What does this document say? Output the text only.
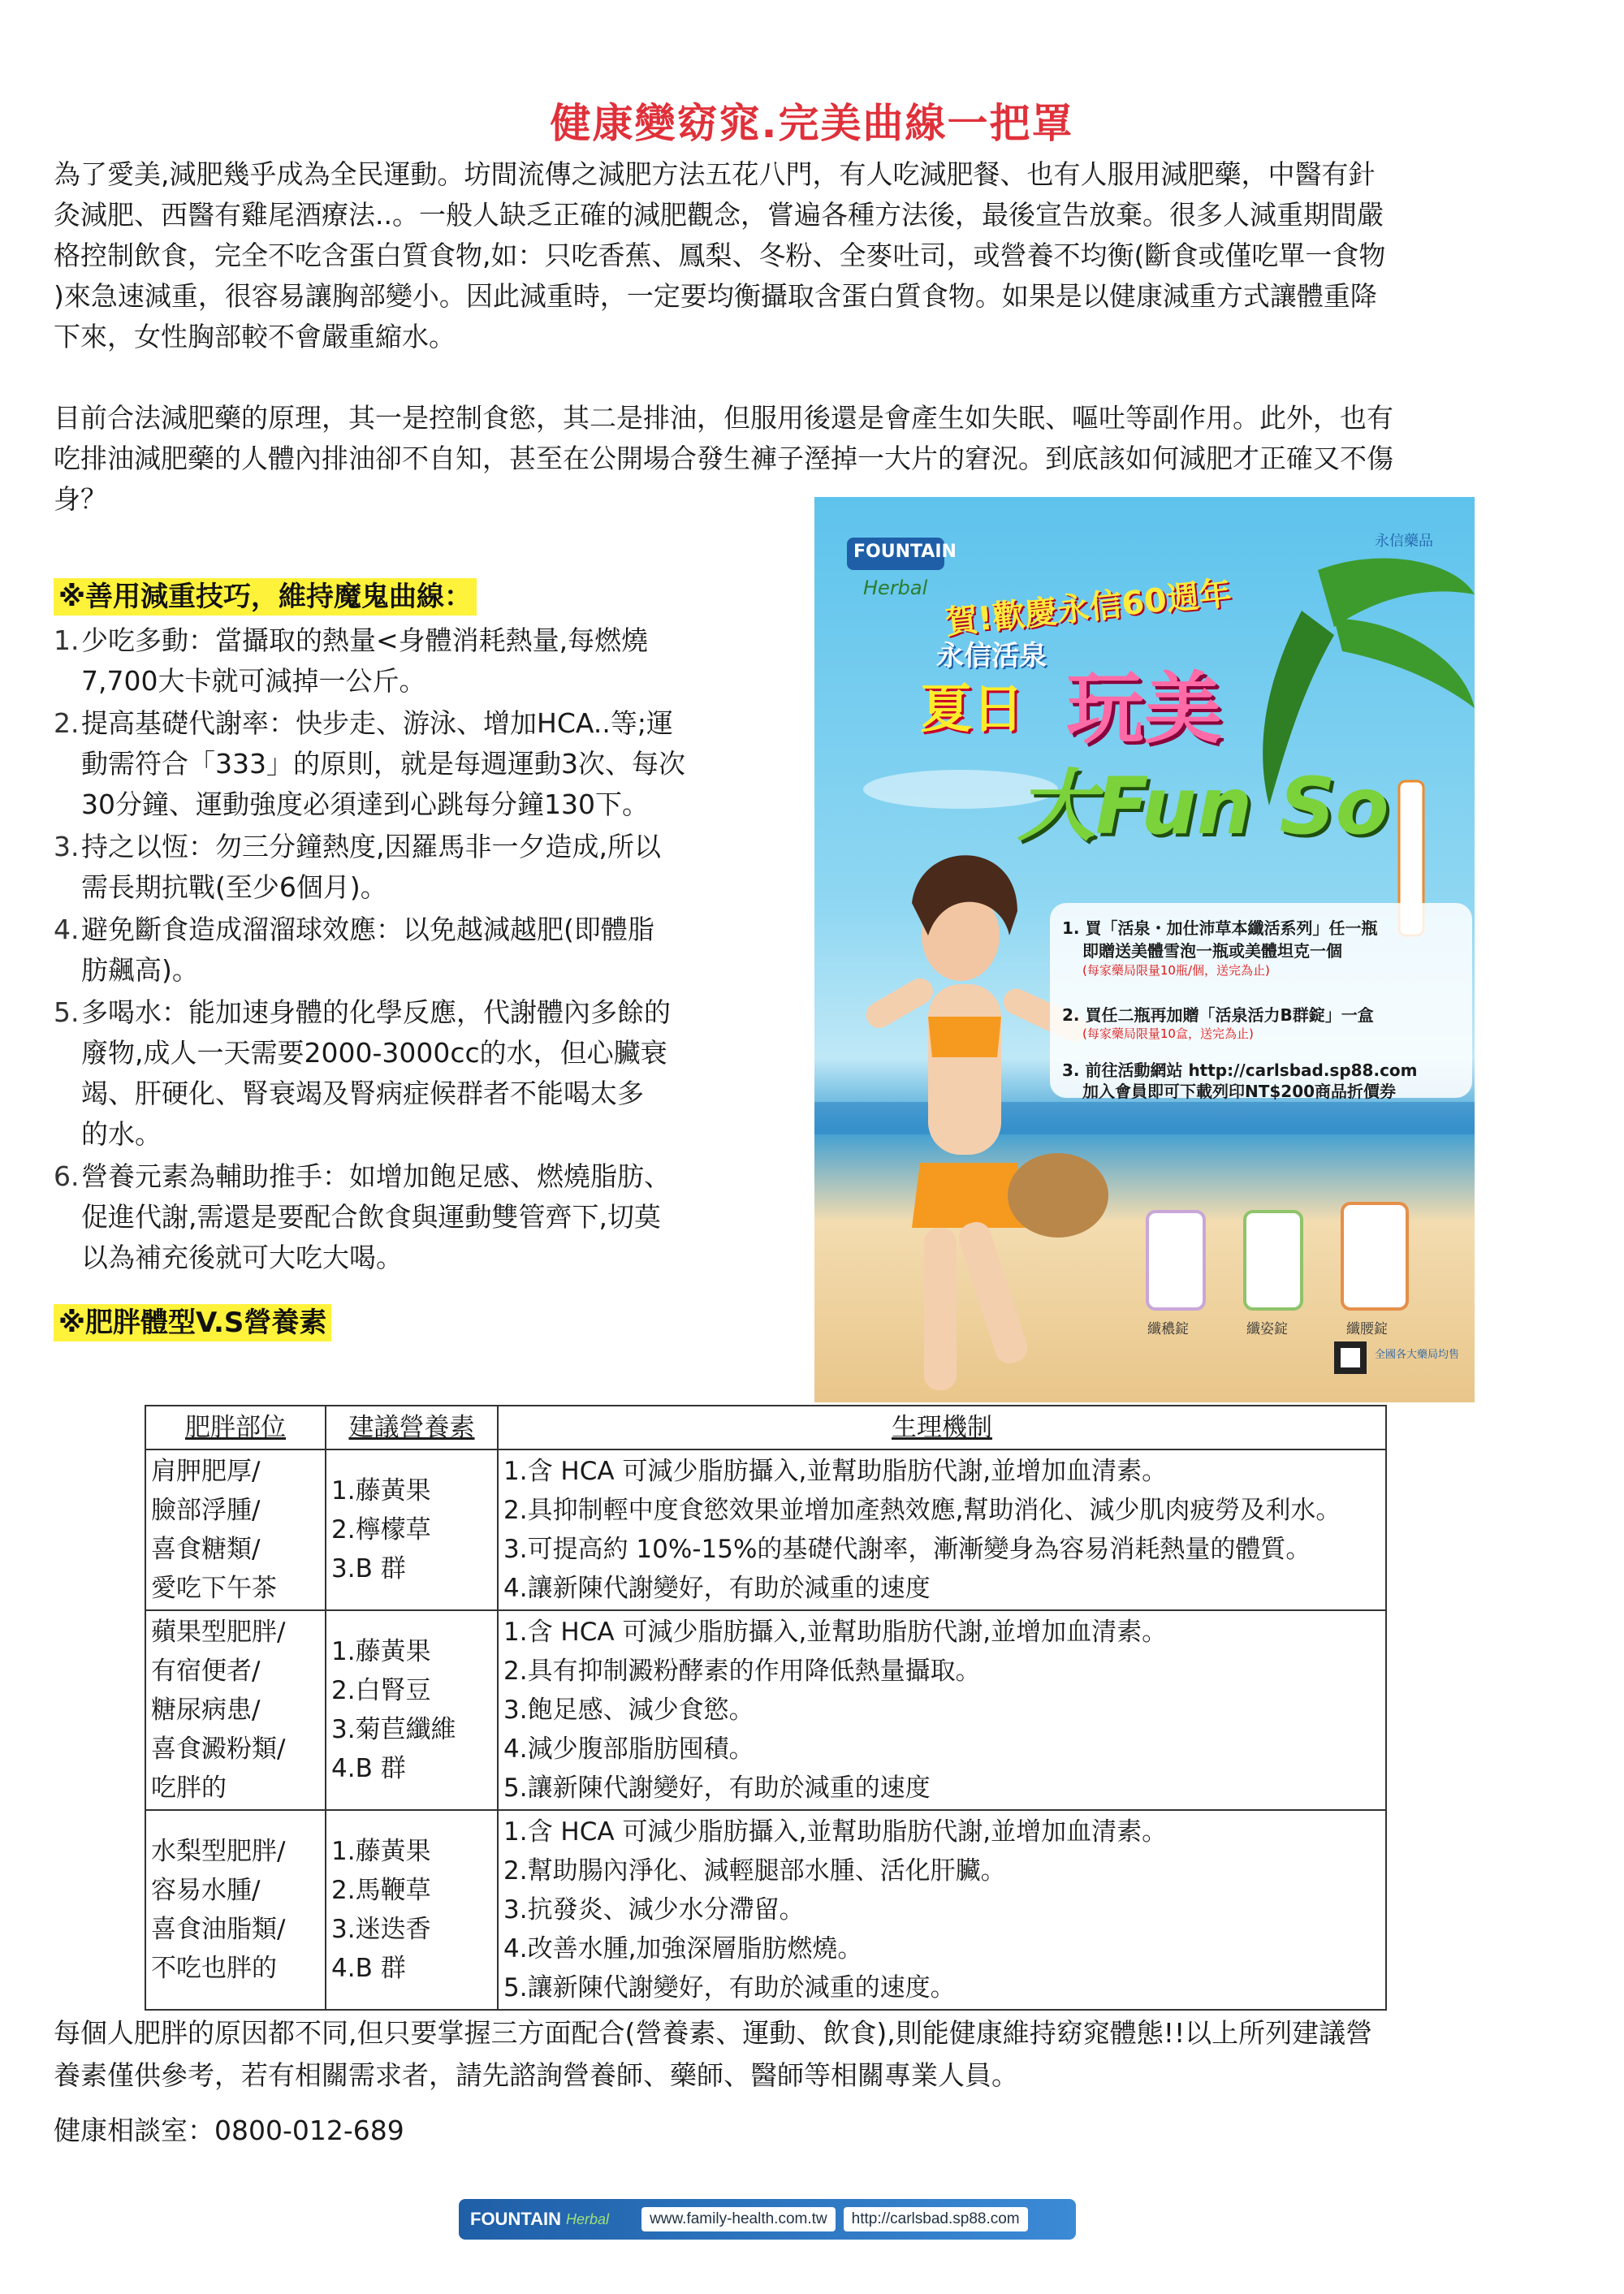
健康變窈窕.完美曲線一把罩
為了愛美,減肥幾乎成為全民運動。坊間流傳之減肥方法五花八門，有人吃減肥餐、也有人服用減肥藥，中醫有針
灸減肥、西醫有雞尾酒療法..。一般人缺乏正確的減肥觀念，嘗遍各種方法後，最後宣告放棄。很多人減重期間嚴
格控制飲食，完全不吃含蛋白質食物,如：只吃香蕉、鳳梨、冬粉、全麥吐司，或營養不均衡(斷食或僅吃單一食物
)來急速減重，很容易讓胸部變小。因此減重時，一定要均衡攝取含蛋白質食物。如果是以健康減重方式讓體重降
下來，女性胸部較不會嚴重縮水。
目前合法減肥藥的原理，其一是控制食慾，其二是排油，但服用後還是會產生如失眠、嘔吐等副作用。此外，也有
吃排油減肥藥的人體內排油卻不自知，甚至在公開場合發生褲子溼掉一大片的窘況。到底該如何減肥才正確又不傷
身？
※善用減重技巧，維持魔鬼曲線：
1. 少吃多動：當攝取的熱量<身體消耗熱量,每燃燒
7,700大卡就可減掉一公斤。
2. 提高基礎代謝率：快步走、游泳、增加HCA..等;運
動需符合「333」的原則，就是每週運動3次、每次
30分鐘、運動強度必須達到心跳每分鐘130下。
3. 持之以恆：勿三分鐘熱度,因羅馬非一夕造成,所以
需長期抗戰(至少6個月)。
4. 避免斷食造成溜溜球效應：以免越減越肥(即體脂
肪飆高)。
5. 多喝水：能加速身體的化學反應，代謝體內多餘的
廢物,成人一天需要2000-3000cc的水，但心臟衰
竭、肝硬化、腎衰竭及腎病症候群者不能喝太多
的水。
6. 營養元素為輔助推手：如增加飽足感、燃燒脂肪、
促進代謝,需還是要配合飲食與運動雙管齊下,切莫
以為補充後就可大吃大喝。
※肥胖體型V.S營養素
FOUNTAIN
Herbal
永信藥品
賀!歡慶永信60週年
永信活泉
夏日 玩美
大Fun So
1. 買「活泉・加仕沛草本纖活系列」任一瓶
即贈送美體雪泡一瓶或美體坦克一個
(每家藥局限量10瓶/個，送完為止)
2. 買任二瓶再加贈「活泉活力B群錠」一盒
(每家藥局限量10盒，送完為止)
3. 前往活動網站 http://carlsbad.sp88.com
加入會員即可下載列印NT$200商品折價券
纖穠錠	纖姿錠	纖腰錠
全國各大藥局均售
肥胖部位	建議營養素	生理機制

肩胛肥厚/
臉部浮腫/
喜食糖類/
愛吃下午茶	1.藤黃果
2.檸檬草
3.B 群	1.含 HCA 可減少脂肪攝入,並幫助脂肪代謝,並增加血清素。
2.具抑制輕中度食慾效果並增加產熱效應,幫助消化、減少肌肉疲勞及利水。
3.可提高約 10%-15%的基礎代謝率，漸漸變身為容易消耗熱量的體質。
4.讓新陳代謝變好，有助於減重的速度

蘋果型肥胖/
有宿便者/
糖尿病患/
喜食澱粉類/
吃胖的	1.藤黃果
2.白腎豆
3.菊苣纖維
4.B 群	1.含 HCA 可減少脂肪攝入,並幫助脂肪代謝,並增加血清素。
2.具有抑制澱粉酵素的作用降低熱量攝取。
3.飽足感、減少食慾。
4.減少腹部脂肪囤積。
5.讓新陳代謝變好，有助於減重的速度

水梨型肥胖/
容易水腫/
喜食油脂類/
不吃也胖的	1.藤黃果
2.馬鞭草
3.迷迭香
4.B 群	1.含 HCA 可減少脂肪攝入,並幫助脂肪代謝,並增加血清素。
2.幫助腸內淨化、減輕腿部水腫、活化肝臟。
3.抗發炎、減少水分滯留。
4.改善水腫,加強深層脂肪燃燒。
5.讓新陳代謝變好，有助於減重的速度。
每個人肥胖的原因都不同,但只要掌握三方面配合(營養素、運動、飲食),則能健康維持窈窕體態!!以上所列建議營
養素僅供參考，若有相關需求者，請先諮詢營養師、藥師、醫師等相關專業人員。
健康相談室：0800-012-689
FOUNTAIN Herbal	www.family-health.com.tw	http://carlsbad.sp88.com
